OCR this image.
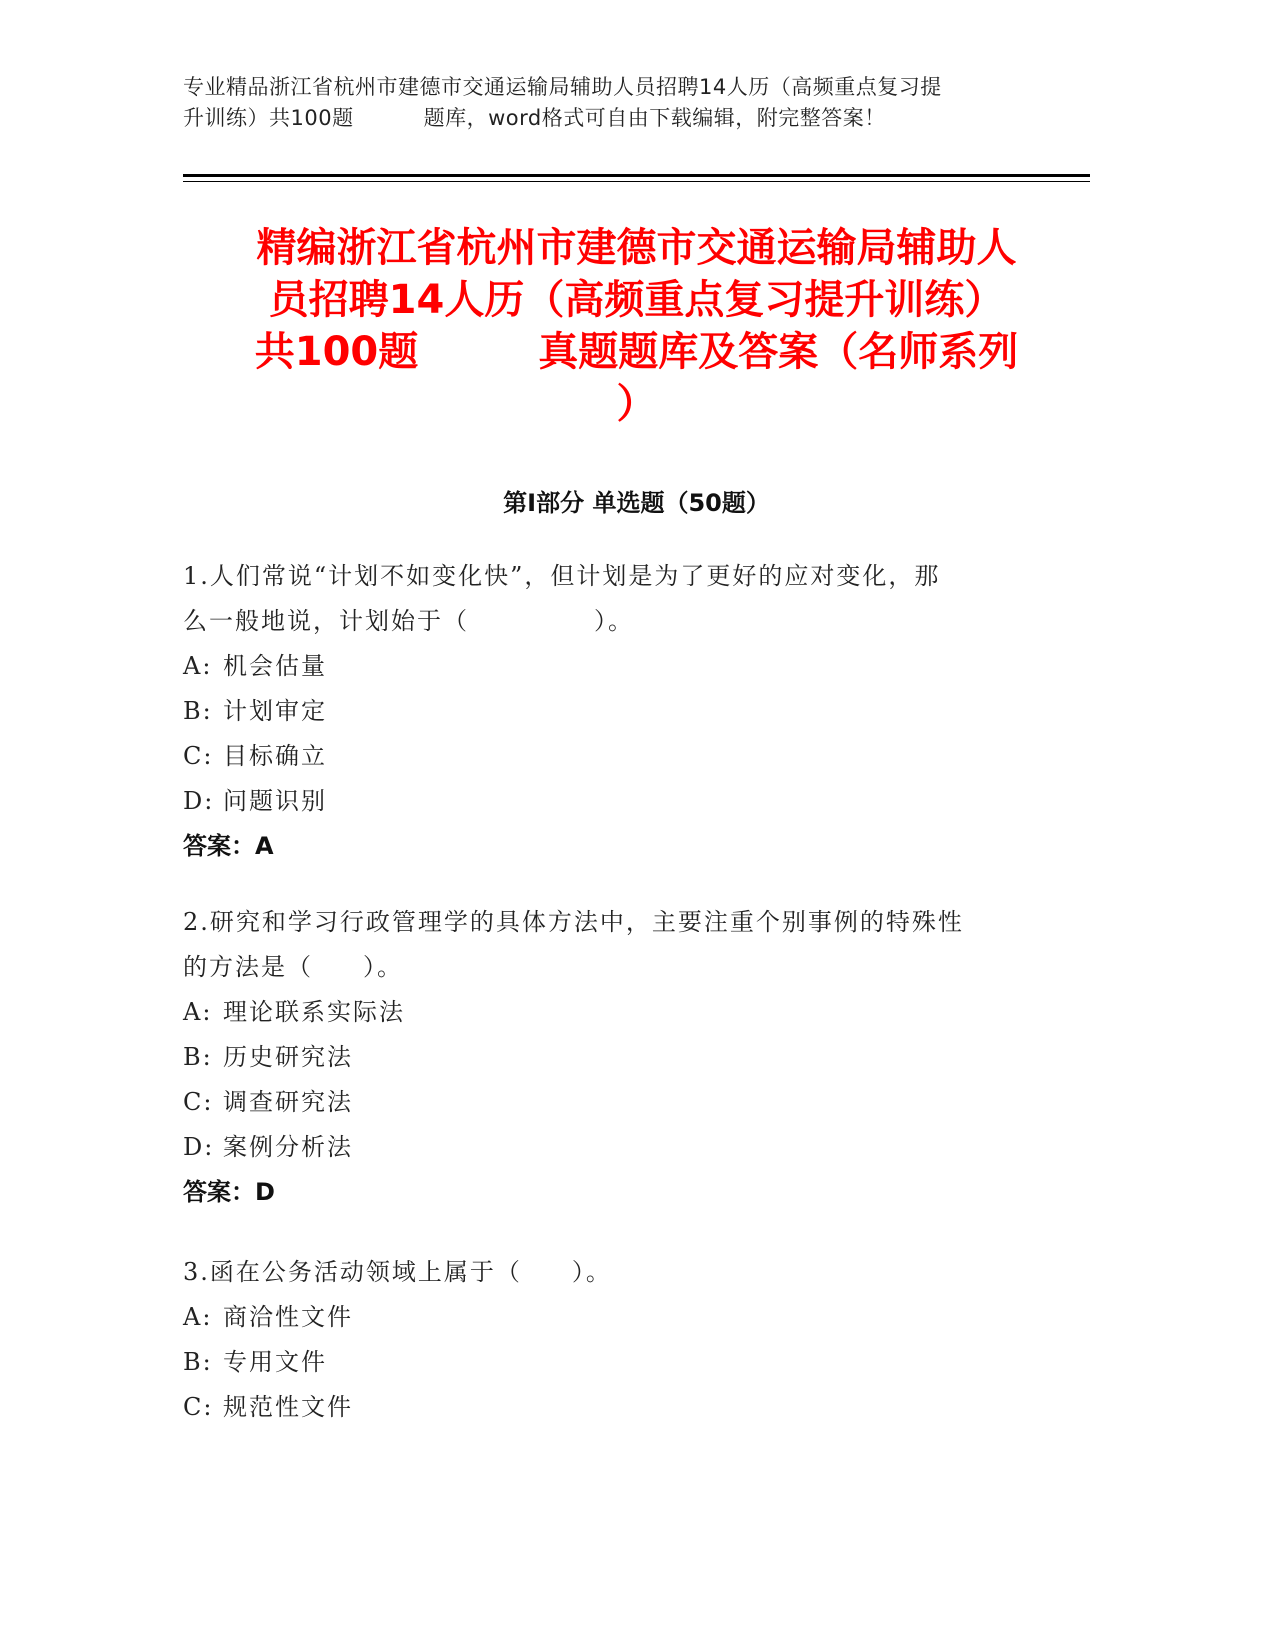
专业精品浙江省杭州市建德市交通运输局辅助人员招聘14人历（高频重点复习提
升训练）共100题	题库，word格式可自由下载编辑，附完整答案！
精编浙江省杭州市建德市交通运输局辅助人
员招聘14人历（高频重点复习提升训练）
共100题	真题题库及答案（名师系列
）
第I部分 单选题（50题）
1.人们常说“计划不如变化快”，但计划是为了更好的应对变化，那
么一般地说，计划始于（	）。
A: 机会估量
B: 计划审定
C: 目标确立
D: 问题识别
答案：A
2.研究和学习行政管理学的具体方法中，主要注重个别事例的特殊性
的方法是（ ）。
A: 理论联系实际法
B: 历史研究法
C: 调查研究法
D: 案例分析法
答案：D
3.函在公务活动领域上属于（ ）。
A: 商洽性文件
B: 专用文件
C: 规范性文件
